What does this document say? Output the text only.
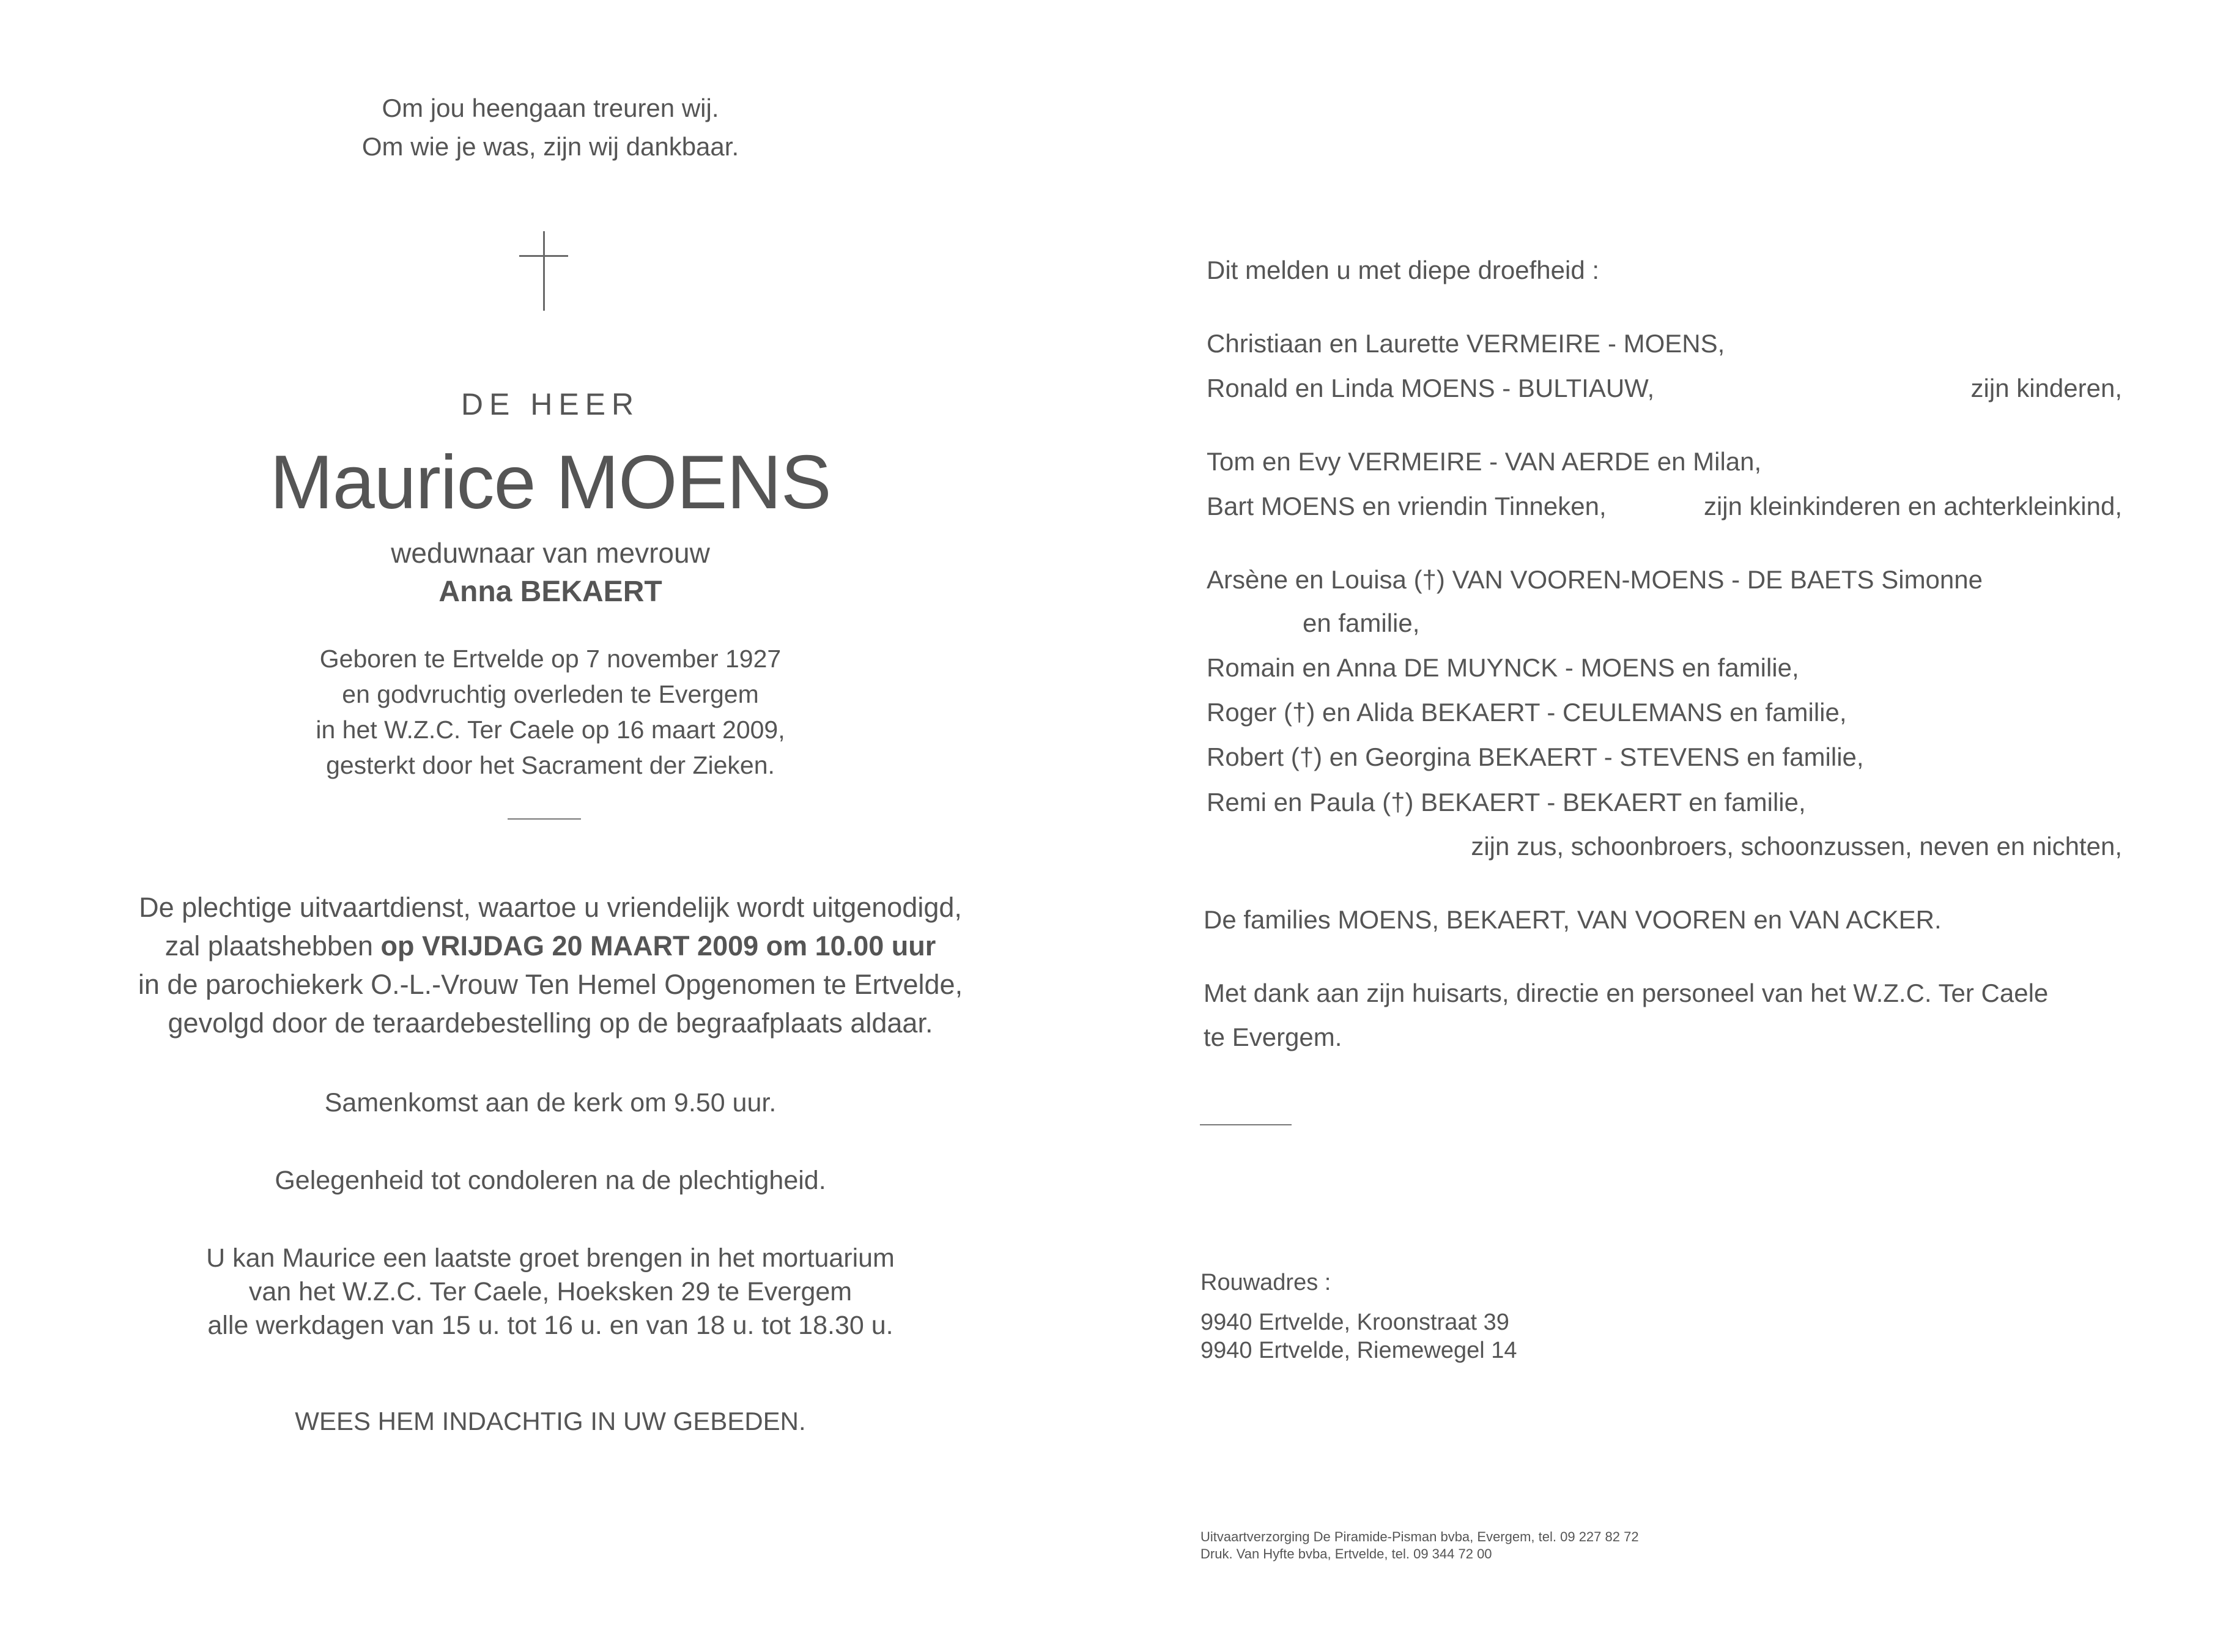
Om jou heengaan treuren wij.
Om wie je was, zijn wij dankbaar.
DE HEER
Maurice MOENS
weduwnaar van mevrouw
Anna BEKAERT
Geboren te Ertvelde op 7 november 1927
en godvruchtig overleden te Evergem
in het W.Z.C. Ter Caele op 16 maart 2009,
gesterkt door het Sacrament der Zieken.
De plechtige uitvaartdienst, waartoe u vriendelijk wordt uitgenodigd,
zal plaatshebben op VRIJDAG 20 MAART 2009 om 10.00 uur
in de parochiekerk O.-L.-Vrouw Ten Hemel Opgenomen te Ertvelde,
gevolgd door de teraardebestelling op de begraafplaats aldaar.
Samenkomst aan de kerk om 9.50 uur.
Gelegenheid tot condoleren na de plechtigheid.
U kan Maurice een laatste groet brengen in het mortuarium
van het W.Z.C. Ter Caele, Hoeksken 29 te Evergem
alle werkdagen van 15 u. tot 16 u. en van 18 u. tot 18.30 u.
WEES HEM INDACHTIG IN UW GEBEDEN.
Dit melden u met diepe droefheid :
Christiaan en Laurette VERMEIRE - MOENS,
Ronald en Linda MOENS - BULTIAUW,	zijn kinderen,
Tom en Evy VERMEIRE - VAN AERDE en Milan,
Bart MOENS en vriendin Tinneken,	zijn kleinkinderen en achterkleinkind,
Arsène en Louisa (†) VAN VOOREN-MOENS - DE BAETS Simonne
en familie,
Romain en Anna DE MUYNCK - MOENS en familie,
Roger (†) en Alida BEKAERT - CEULEMANS en familie,
Robert (†) en Georgina BEKAERT - STEVENS en familie,
Remi en Paula (†) BEKAERT - BEKAERT en familie,
zijn zus, schoonbroers, schoonzussen, neven en nichten,
De families MOENS, BEKAERT, VAN VOOREN en VAN ACKER.
Met dank aan zijn huisarts, directie en personeel van het W.Z.C. Ter Caele
te Evergem.
Rouwadres :
9940 Ertvelde, Kroonstraat 39
9940 Ertvelde, Riemewegel 14
Uitvaartverzorging De Piramide-Pisman bvba, Evergem, tel. 09 227 82 72
Druk. Van Hyfte bvba, Ertvelde, tel. 09 344 72 00
